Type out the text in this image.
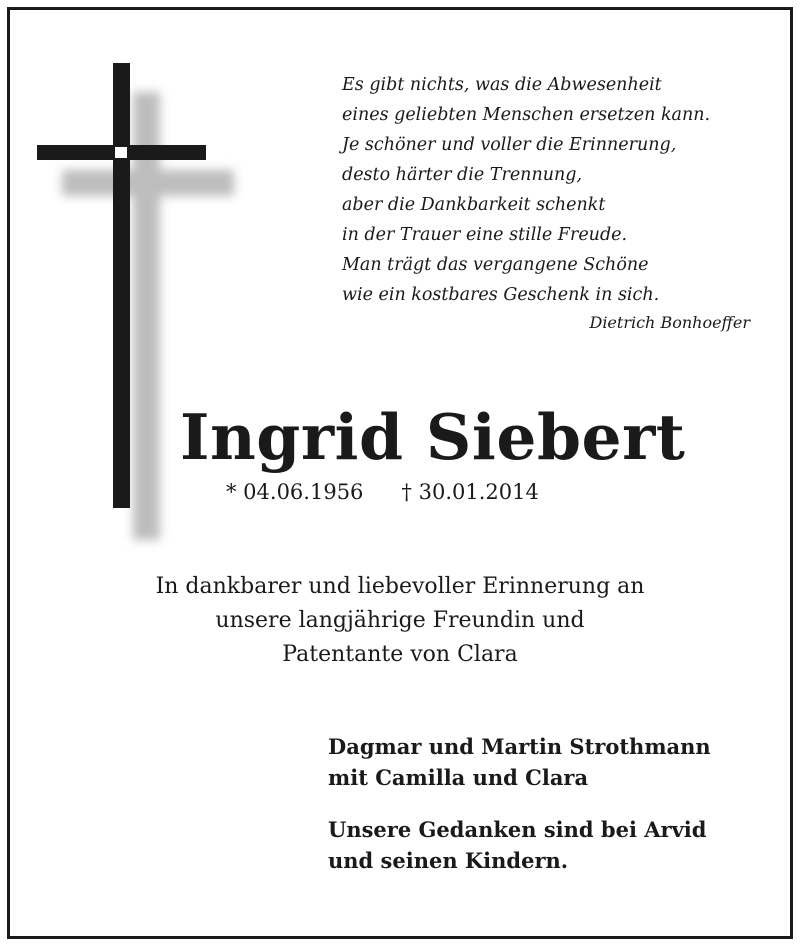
Es gibt nichts, was die Abwesenheit
eines geliebten Menschen ersetzen kann.
Je schöner und voller die Erinnerung,
desto härter die Trennung,
aber die Dankbarkeit schenkt
in der Trauer eine stille Freude.
Man trägt das vergangene Schöne
wie ein kostbares Geschenk in sich.
Dietrich Bonhoeffer
Ingrid Siebert
* 04.06.1956 † 30.01.2014
In dankbarer und liebevoller Erinnerung an
unsere langjährige Freundin und
Patentante von Clara
Dagmar und Martin Strothmann
mit Camilla und Clara
Unsere Gedanken sind bei Arvid
und seinen Kindern.
